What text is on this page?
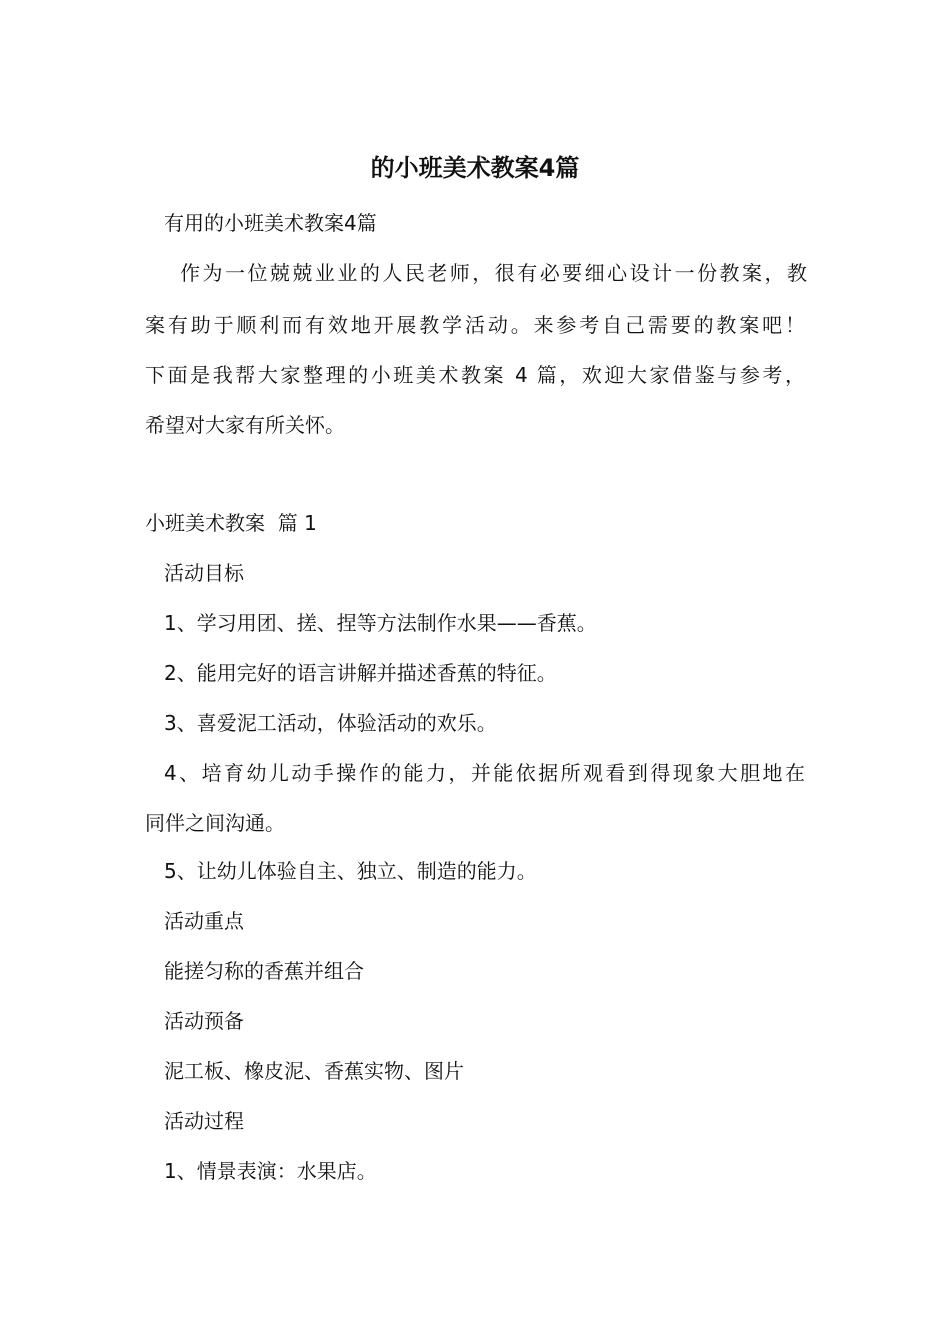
的小班美术教案4篇
有用的小班美术教案4篇
作为一位兢兢业业的人民老师，很有必要细心设计一份教案，教
案有助于顺利而有效地开展教学活动。来参考自己需要的教案吧！
下面是我帮大家整理的小班美术教案 4 篇，欢迎大家借鉴与参考，
希望对大家有所关怀。
小班美术教案  篇 1
活动目标
1、学习用团、搓、捏等方法制作水果——香蕉。
2、能用完好的语言讲解并描述香蕉的特征。
3、喜爱泥工活动，体验活动的欢乐。
4、培育幼儿动手操作的能力，并能依据所观看到得现象大胆地在
同伴之间沟通。
5、让幼儿体验自主、独立、制造的能力。
活动重点
能搓匀称的香蕉并组合
活动预备
泥工板、橡皮泥、香蕉实物、图片
活动过程
1、情景表演：水果店。
